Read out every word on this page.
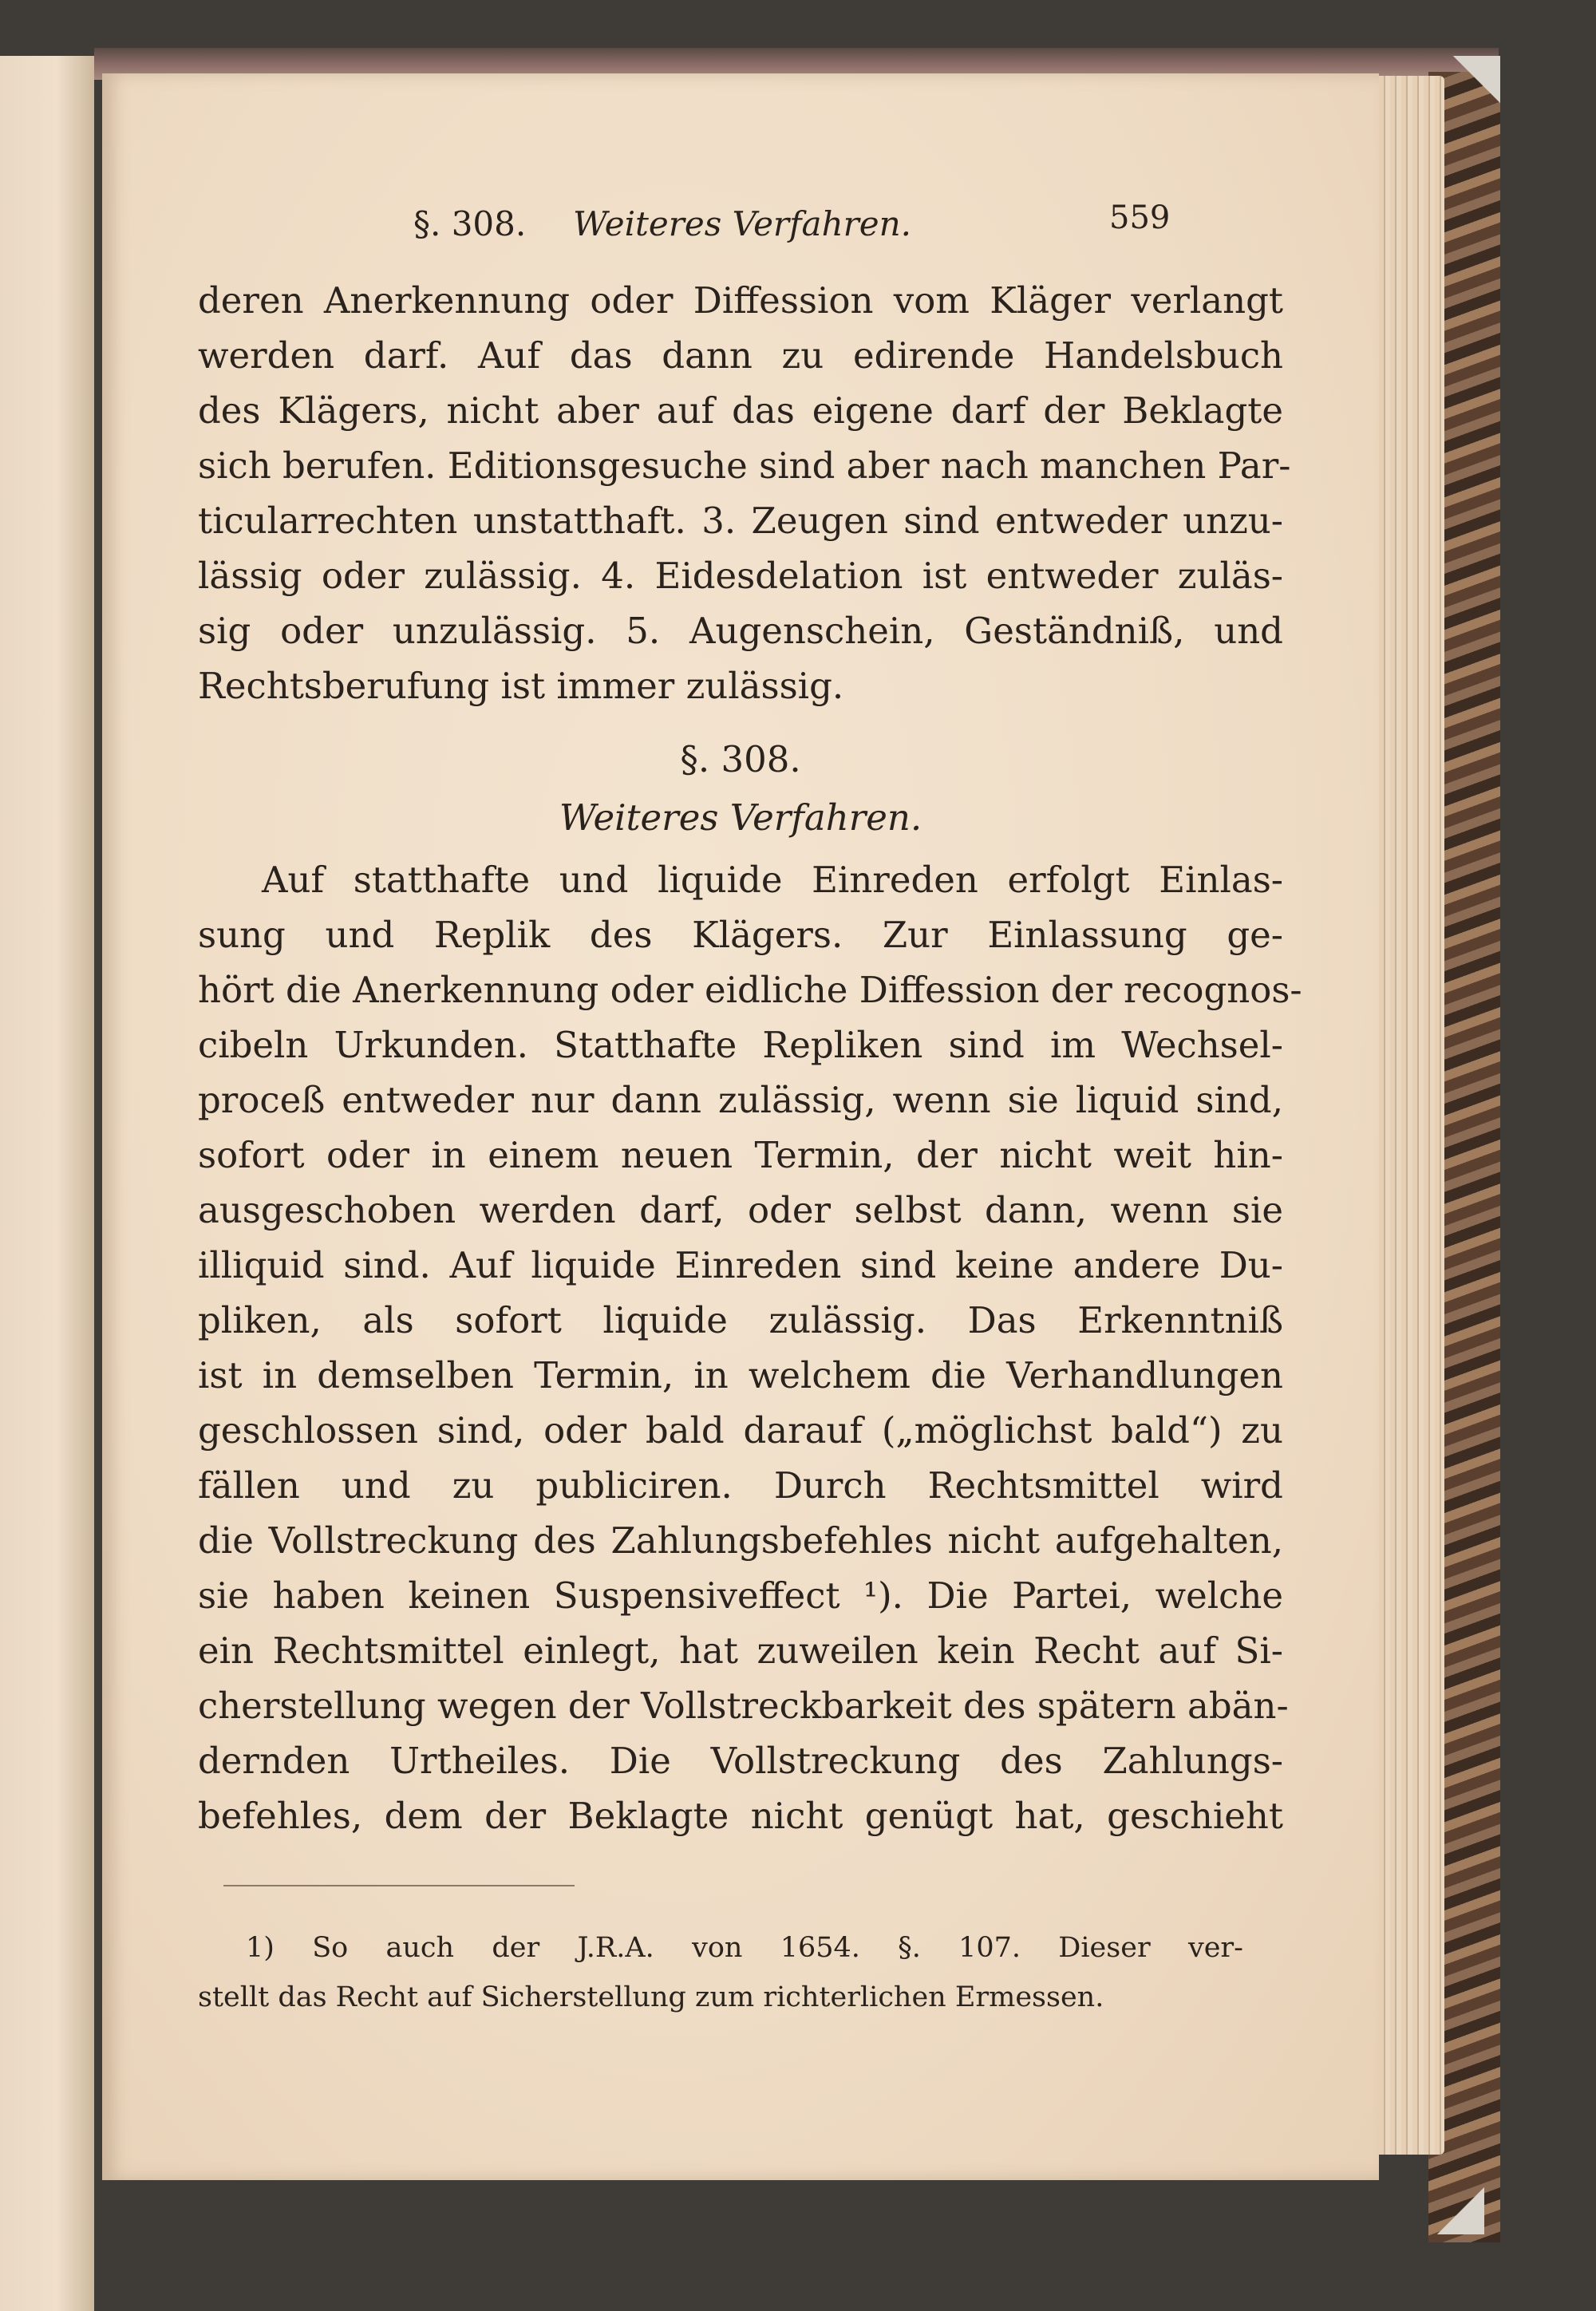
§. 308. Weiteres Verfahren.	559
deren Anerkennung oder Diffession vom Kläger verlangt
werden darf. Auf das dann zu edirende Handelsbuch
des Klägers, nicht aber auf das eigene darf der Beklagte
sich berufen. Editionsgesuche sind aber nach manchen Par-
ticularrechten unstatthaft. 3. Zeugen sind entweder unzu-
lässig oder zulässig. 4. Eidesdelation ist entweder zuläs-
sig oder unzulässig. 5. Augenschein, Geständniß, und
Rechtsberufung ist immer zulässig.
§. 308.
Weiteres Verfahren.
Auf statthafte und liquide Einreden erfolgt Einlas-
sung und Replik des Klägers. Zur Einlassung ge-
hört die Anerkennung oder eidliche Diffession der recognos-
cibeln Urkunden. Statthafte Repliken sind im Wechsel-
proceß entweder nur dann zulässig, wenn sie liquid sind,
sofort oder in einem neuen Termin, der nicht weit hin-
ausgeschoben werden darf, oder selbst dann, wenn sie
illiquid sind. Auf liquide Einreden sind keine andere Du-
pliken, als sofort liquide zulässig. Das Erkenntniß
ist in demselben Termin, in welchem die Verhandlungen
geschlossen sind, oder bald darauf („möglichst bald“) zu
fällen und zu publiciren. Durch Rechtsmittel wird
die Vollstreckung des Zahlungsbefehles nicht aufgehalten,
sie haben keinen Suspensiveffect ¹). Die Partei, welche
ein Rechtsmittel einlegt, hat zuweilen kein Recht auf Si-
cherstellung wegen der Vollstreckbarkeit des spätern abän-
dernden Urtheiles. Die Vollstreckung des Zahlungs-
befehles, dem der Beklagte nicht genügt hat, geschieht
1) So auch der J.R.A. von 1654. §. 107. Dieser ver-
stellt das Recht auf Sicherstellung zum richterlichen Ermessen.
